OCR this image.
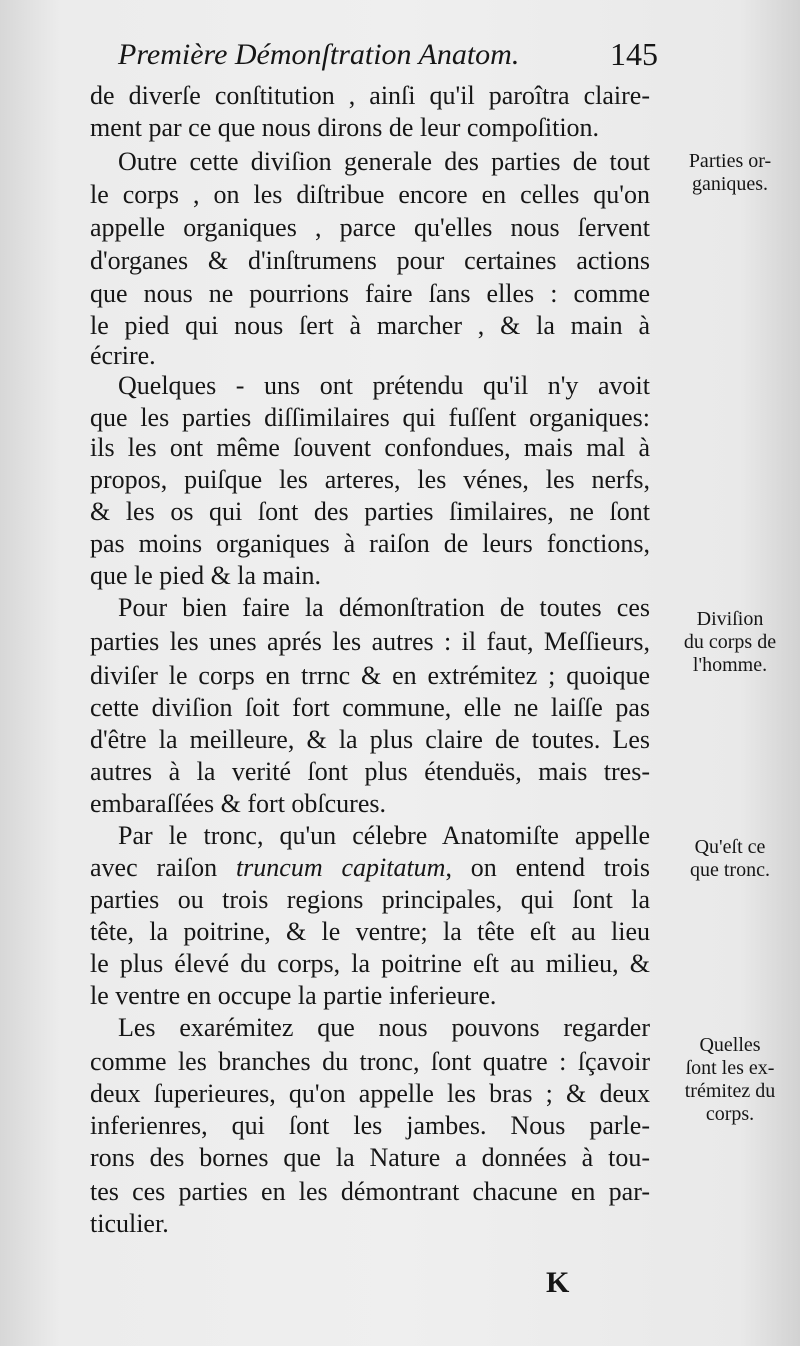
Première Démonſtration Anatom.	145
de diverſe conſtitution , ainſi qu'il paroîtra claire-
ment par ce que nous dirons de leur compoſition.
Outre cette diviſion generale des parties de tout
le corps , on les diſtribue encore en celles qu'on
appelle organiques , parce qu'elles nous ſervent
d'organes & d'inſtrumens pour certaines actions
que nous ne pourrions faire ſans elles : comme
le pied qui nous ſert à marcher , & la main à
écrire.
Quelques - uns ont prétendu qu'il n'y avoit
que les parties diſſimilaires qui fuſſent organiques:
ils les ont même ſouvent confondues, mais mal à
propos, puiſque les arteres, les vénes, les nerfs,
& les os qui ſont des parties ſimilaires, ne ſont
pas moins organiques à raiſon de leurs fonctions,
que le pied & la main.
Pour bien faire la démonſtration de toutes ces
parties les unes aprés les autres : il faut, Meſſieurs,
diviſer le corps en trrnc & en extrémitez ; quoique
cette diviſion ſoit fort commune, elle ne laiſſe pas
d'être la meilleure, & la plus claire de toutes. Les
autres à la verité ſont plus étenduës, mais tres-
embaraſſées & fort obſcures.
Par le tronc, qu'un célebre Anatomiſte appelle
avec raiſon truncum capitatum, on entend trois
parties ou trois regions principales, qui ſont la
tête, la poitrine, & le ventre; la tête eſt au lieu
le plus élevé du corps, la poitrine eſt au milieu, &
le ventre en occupe la partie inferieure.
Les exarémitez que nous pouvons regarder
comme les branches du tronc, ſont quatre : ſçavoir
deux ſuperieures, qu'on appelle les bras ; & deux
inferienres, qui ſont les jambes. Nous parle-
rons des bornes que la Nature a données à tou-
tes ces parties en les démontrant chacune en par-
ticulier.
Parties or-
ganiques.
Diviſion
du corps de
l'homme.
Qu'eſt ce
que tronc.
Quelles
ſont les ex-
trémitez du
corps.
K
